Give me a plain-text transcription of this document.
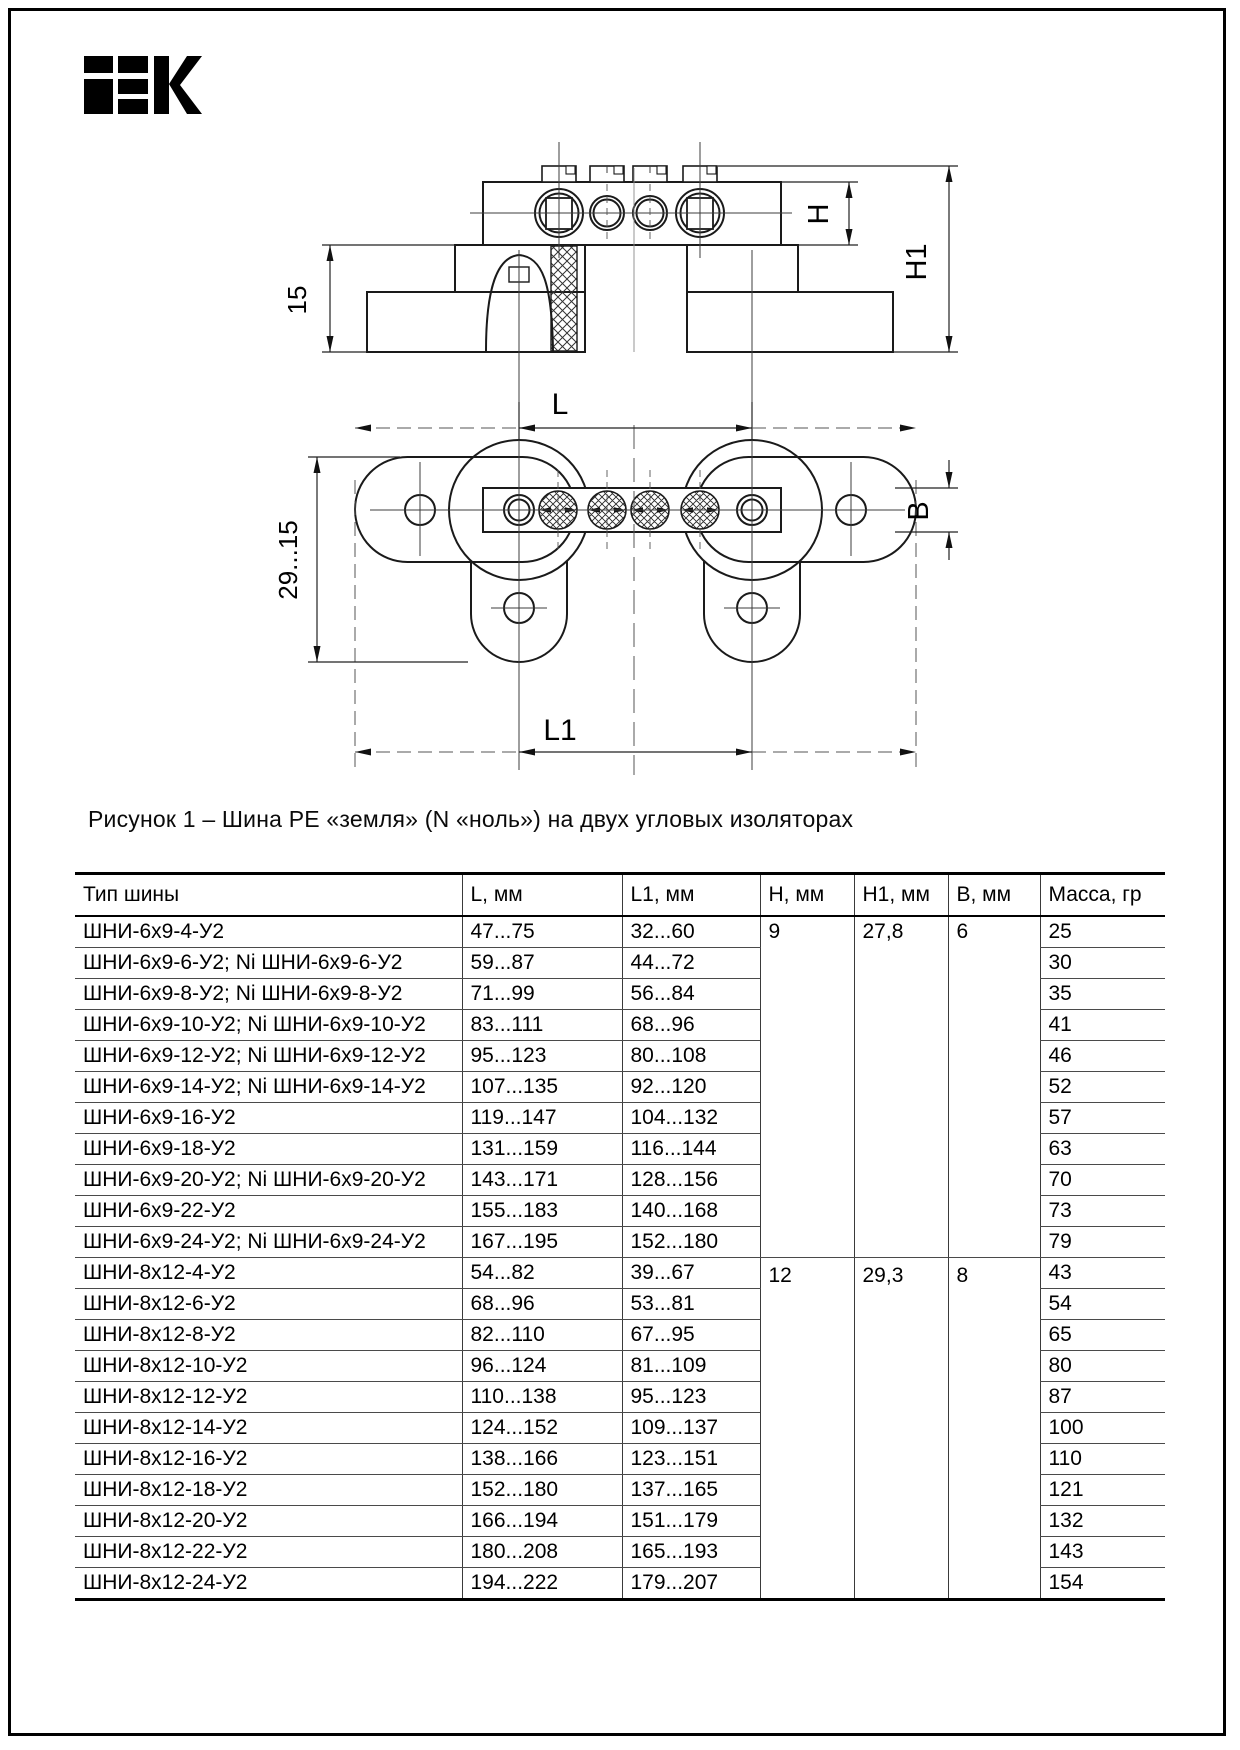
15
H
H1
L
29...15
B
L1
Рисунок 1 – Шина PE «земля» (N «ноль») на двух угловых изоляторах
Тип шины	L, мм	L1, мм	H, мм	H1, мм	B, мм	Масса, гр
ШНИ-6x9-4-У2	47...75	32...60	9	27,8	6	25
ШНИ-6x9-6-У2; Ni ШНИ-6x9-6-У2	59...87	44...72				30
ШНИ-6x9-8-У2; Ni ШНИ-6x9-8-У2	71...99	56...84				35
ШНИ-6x9-10-У2; Ni ШНИ-6x9-10-У2	83...111	68...96				41
ШНИ-6x9-12-У2; Ni ШНИ-6x9-12-У2	95...123	80...108				46
ШНИ-6x9-14-У2; Ni ШНИ-6x9-14-У2	107...135	92...120				52
ШНИ-6x9-16-У2	119...147	104...132				57
ШНИ-6x9-18-У2	131...159	116...144				63
ШНИ-6x9-20-У2; Ni ШНИ-6x9-20-У2	143...171	128...156				70
ШНИ-6x9-22-У2	155...183	140...168				73
ШНИ-6x9-24-У2; Ni ШНИ-6x9-24-У2	167...195	152...180				79
ШНИ-8x12-4-У2	54...82	39...67	12	29,3	8	43
ШНИ-8x12-6-У2	68...96	53...81				54
ШНИ-8x12-8-У2	82...110	67...95				65
ШНИ-8x12-10-У2	96...124	81...109				80
ШНИ-8x12-12-У2	110...138	95...123				87
ШНИ-8x12-14-У2	124...152	109...137				100
ШНИ-8x12-16-У2	138...166	123...151				110
ШНИ-8x12-18-У2	152...180	137...165				121
ШНИ-8x12-20-У2	166...194	151...179				132
ШНИ-8x12-22-У2	180...208	165...193				143
ШНИ-8x12-24-У2	194...222	179...207				154
